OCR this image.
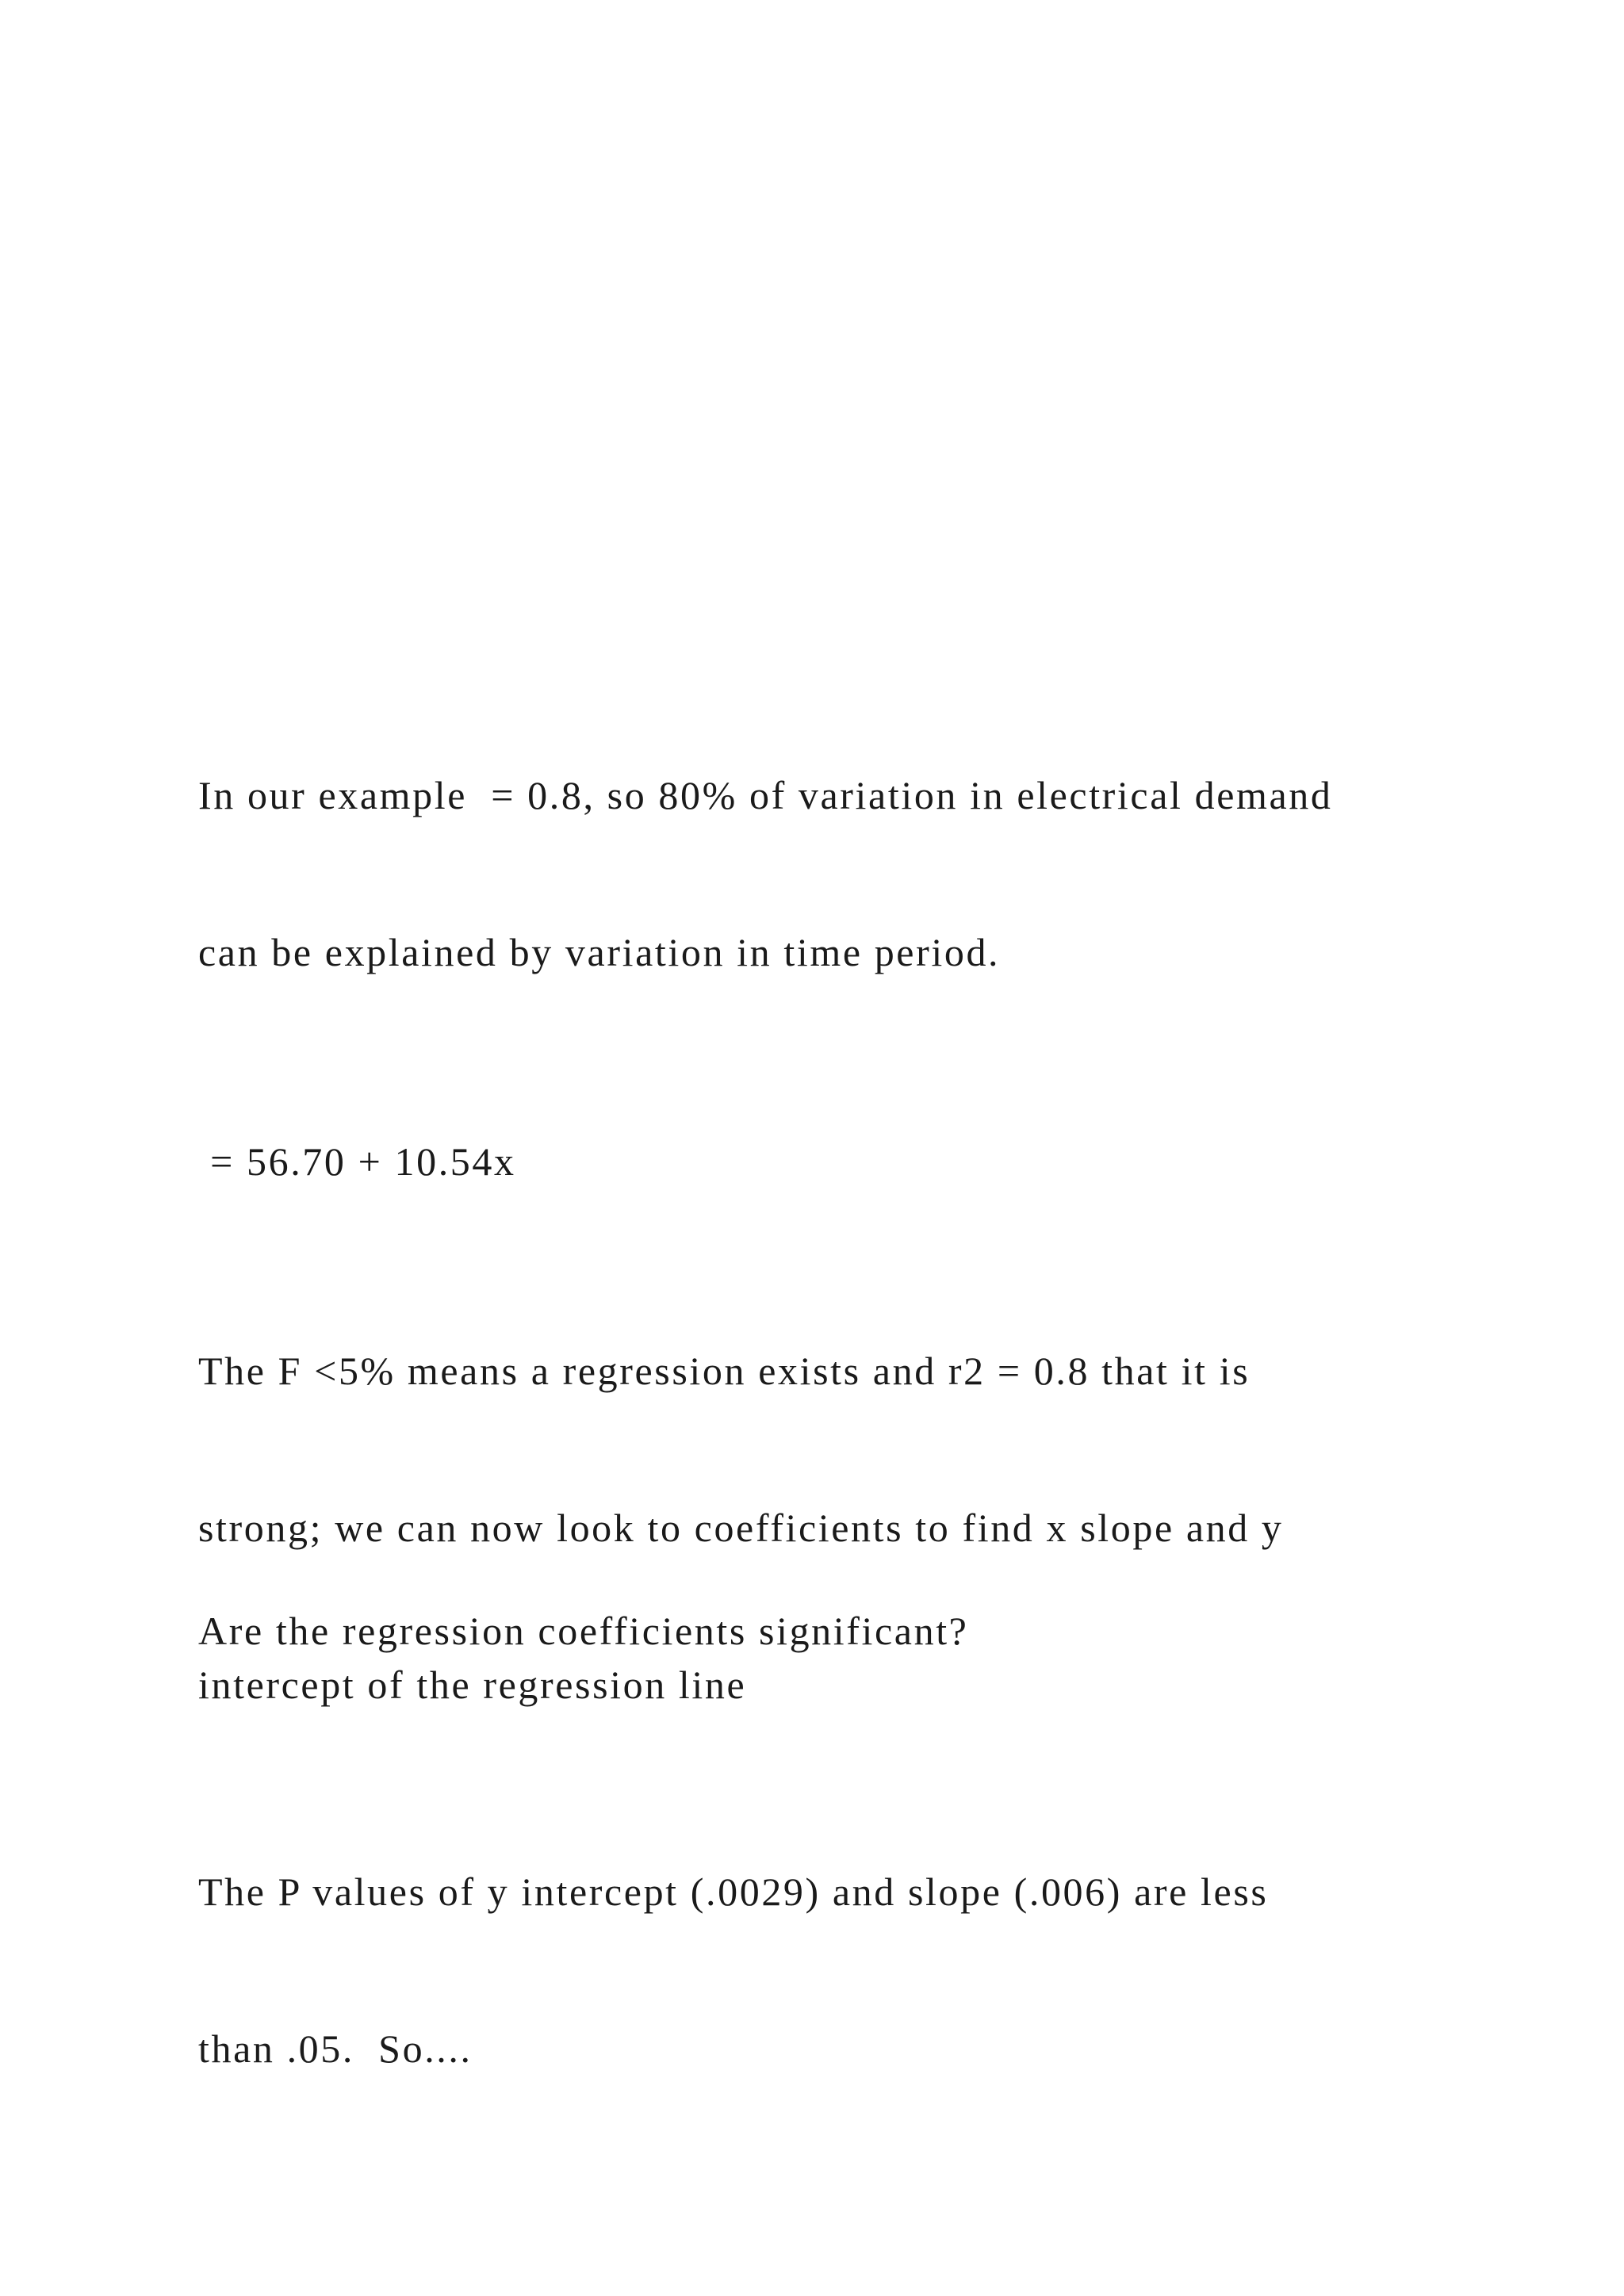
In our example  = 0.8, so 80% of variation in electrical demand

can be explained by variation in time period.

= 56.70 + 10.54x

The F <5% means a regression exists and r2 = 0.8 that it is

strong; we can now look to coefficients to find x slope and y

intercept of the regression line

Are the regression coefficients significant?

The P values of y intercept (.0029) and slope (.006) are less

than .05.  So....
